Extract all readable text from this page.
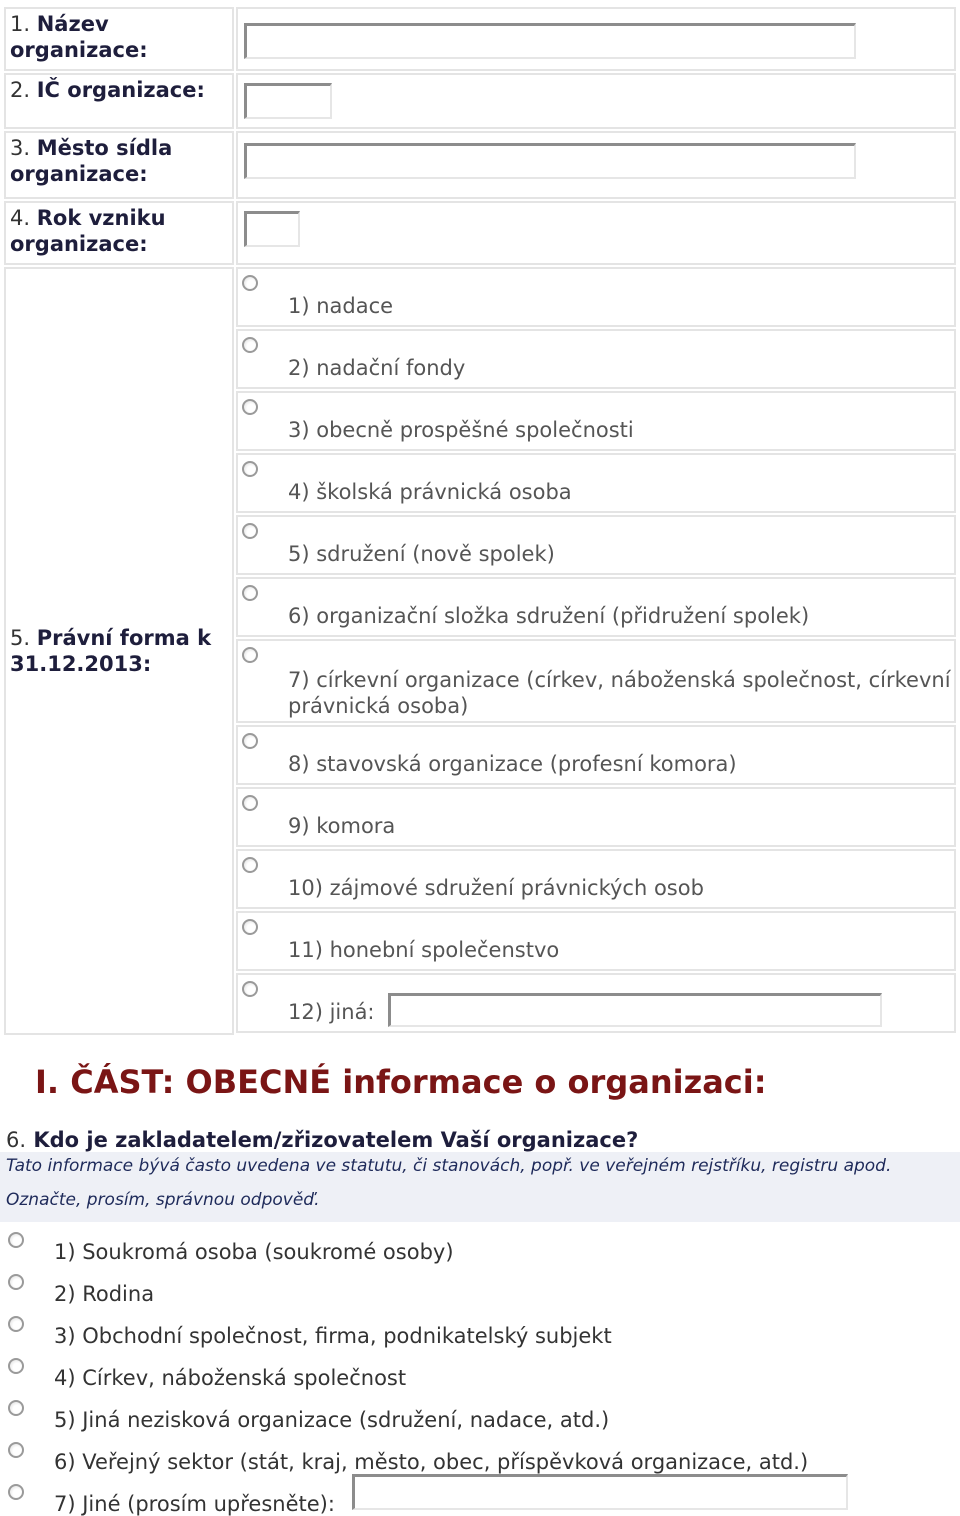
1. Název organizace:	

2. IČ organizace:	

3. Město sídla organizace:	

4. Rok vzniku organizace:	

5. Právní forma k 31.12.2013:	
1) nadace

2) nadační fondy

3) obecně prospěšné společnosti

4) školská právnická osoba

5) sdružení (nově spolek)

6) organizační složka sdružení (přidružení spolek)

7) církevní organizace (církev, náboženská společnost, církevní právnická osoba)

8) stavovská organizace (profesní komora)

9) komora

10) zájmové sdružení právnických osob

11) honební společenstvo

12) jiná:
I. ČÁST: OBECNÉ informace o organizaci:
6. Kdo je zakladatelem/zřizovatelem Vaší organizace?
Tato informace bývá často uvedena ve statutu, či stanovách, popř. ve veřejném rejstříku, registru apod.
Označte, prosím, správnou odpověď.
1) Soukromá osoba (soukromé osoby)
2) Rodina
3) Obchodní společnost, firma, podnikatelský subjekt
4) Církev, náboženská společnost
5) Jiná nezisková organizace (sdružení, nadace, atd.)
6) Veřejný sektor (stát, kraj, město, obec, příspěvková organizace, atd.)
7) Jiné (prosím upřesněte):
